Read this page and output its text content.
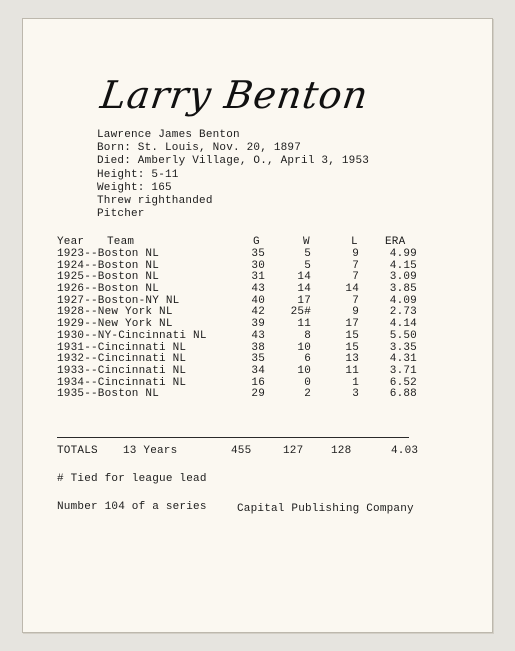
Larry Benton
Lawrence James Benton
Born: St. Louis, Nov. 20, 1897
Died: Amberly Village, O., April 3, 1953
Height: 5-11
Weight: 165
Threw righthanded
Pitcher
Year Team	G	W	L ERA
1923--Boston NL	35	5	9	4.99
1924--Boston NL	30	5	7	4.15
1925--Boston NL	31	14	7	3.09
1926--Boston NL	43	14	14	3.85
1927--Boston-NY NL	40	17	7	4.09
1928--New York NL	42	25#	9	2.73
1929--New York NL	39	11	17	4.14
1930--NY-Cincinnati NL	43	8	15	5.50
1931--Cincinnati NL	38	10	15	3.35
1932--Cincinnati NL	35	6	13	4.31
1933--Cincinnati NL	34	10	11	3.71
1934--Cincinnati NL	16	0	1	6.52
1935--Boston NL	29	2	3	6.88
TOTALS 13 Years	455	127	128	4.03
# Tied for league lead
Number 104 of a series	Capital Publishing Company
